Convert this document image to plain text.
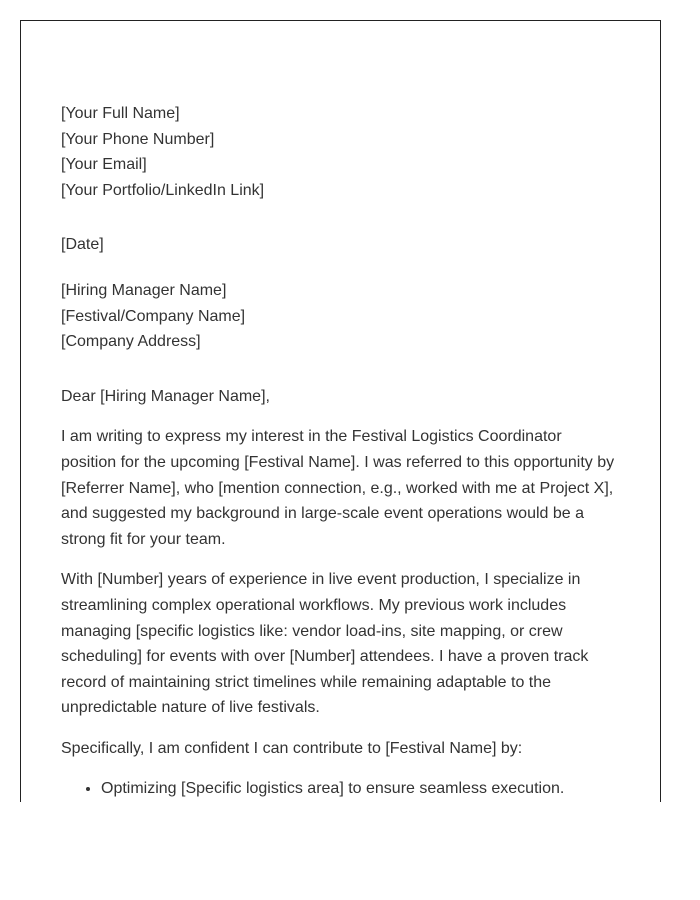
[Your Full Name]
[Your Phone Number]
[Your Email]
[Your Portfolio/LinkedIn Link]
[Date]
[Hiring Manager Name]
[Festival/Company Name]
[Company Address]
Dear [Hiring Manager Name],

I am writing to express my interest in the Festival Logistics Coordinator position for the upcoming [Festival Name]. I was referred to this opportunity by [Referrer Name], who [mention connection, e.g., worked with me at Project X], and suggested my background in large-scale event operations would be a strong fit for your team.

With [Number] years of experience in live event production, I specialize in streamlining complex operational workflows. My previous work includes managing [specific logistics like: vendor load-ins, site mapping, or crew scheduling] for events with over [Number] attendees. I have a proven track record of maintaining strict timelines while remaining adaptable to the unpredictable nature of live festivals.

Specifically, I am confident I can contribute to [Festival Name] by:

• Optimizing [Specific logistics area] to ensure seamless execution.
